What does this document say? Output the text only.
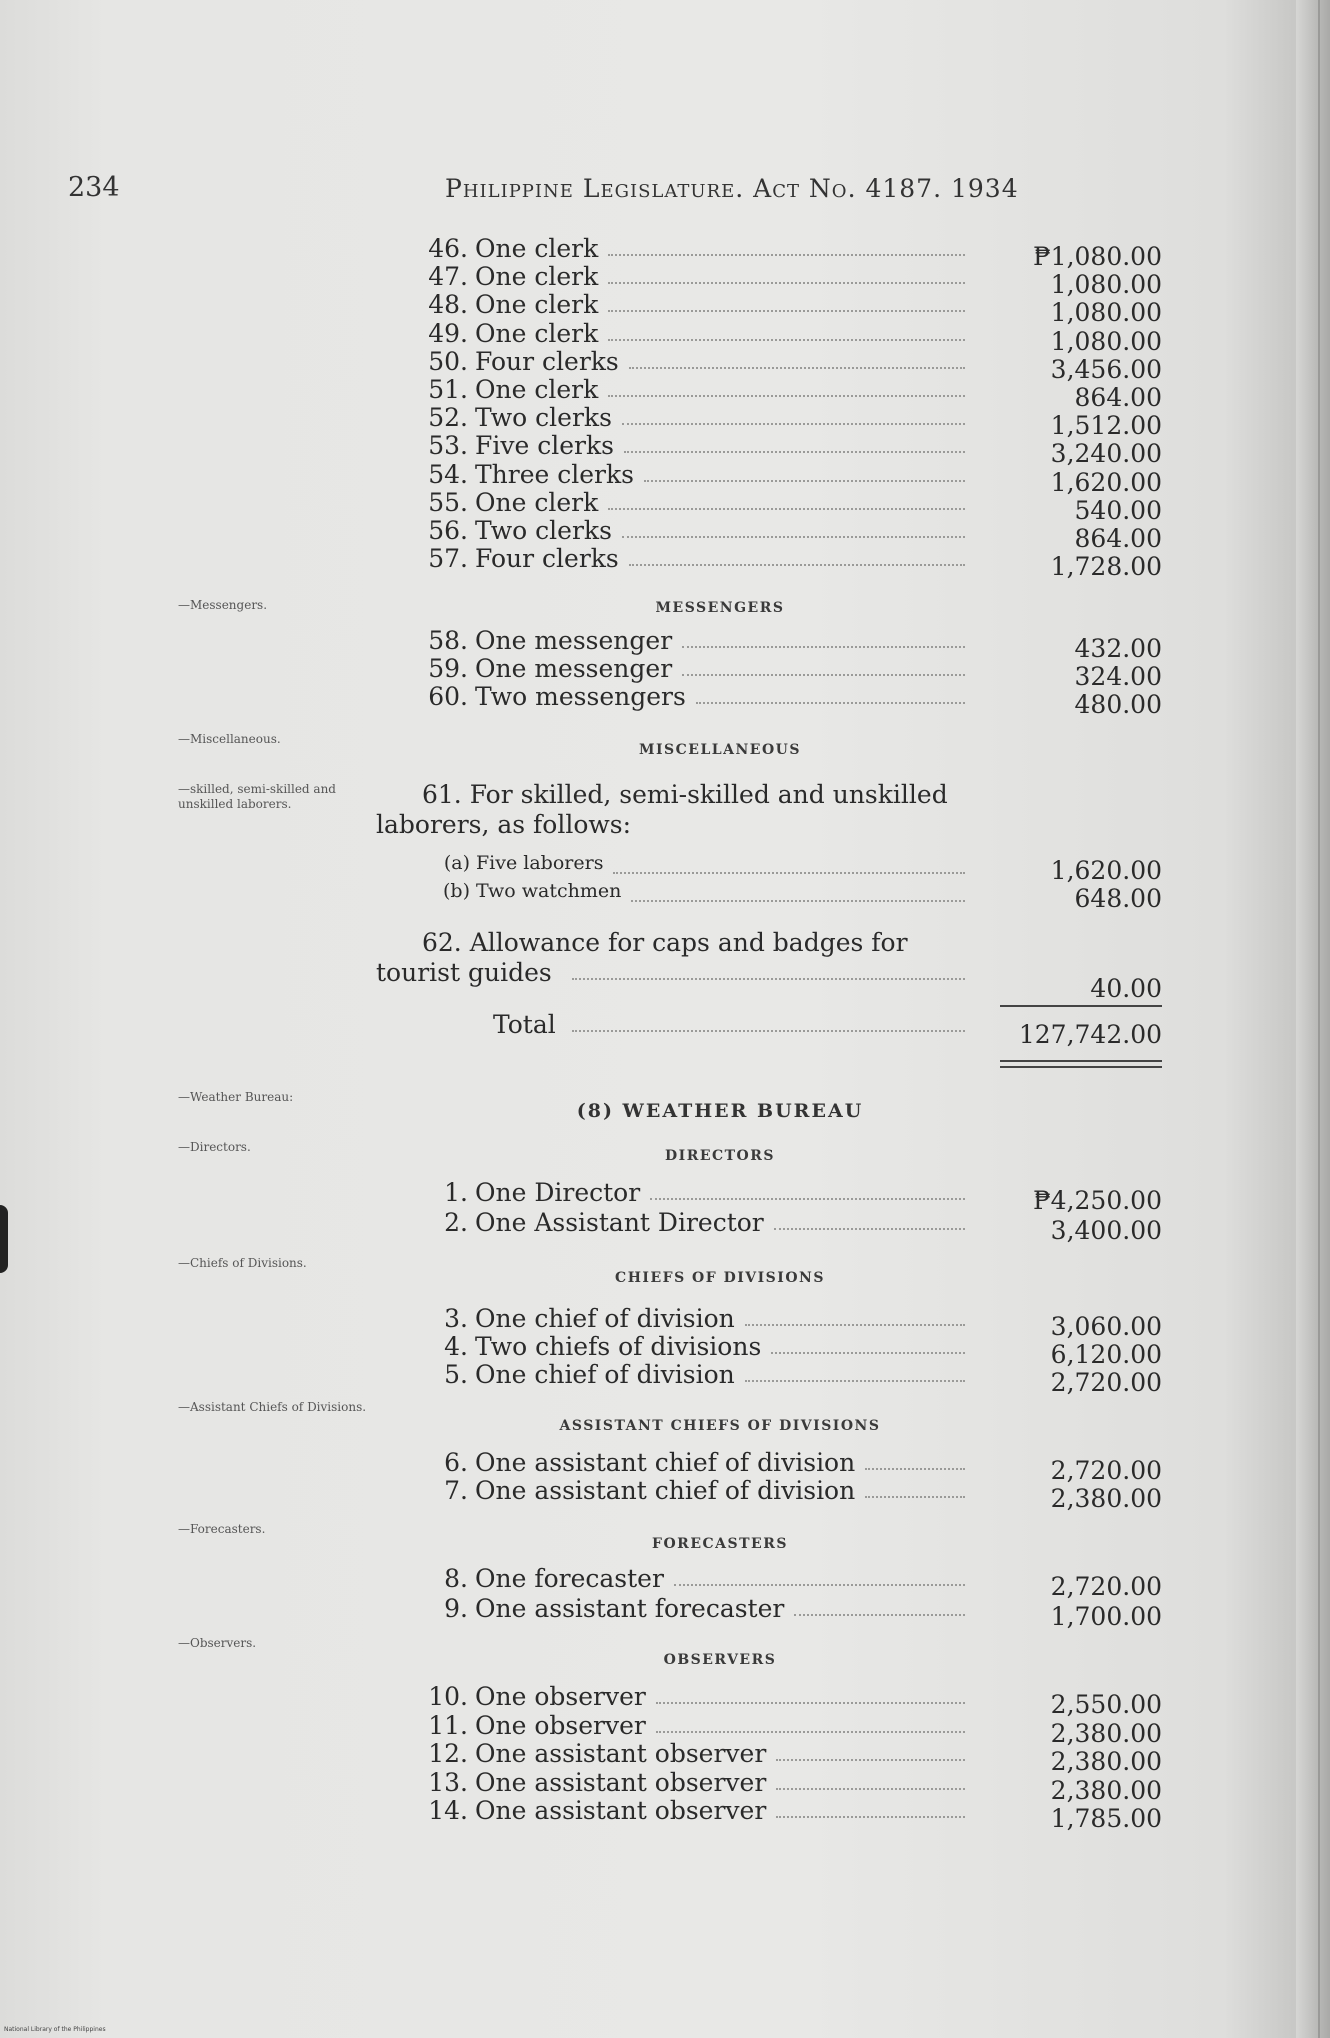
234	Philippine Legislature. Act No. 4187. 1934
46. One clerk	₱1,080.00
47. One clerk	1,080.00
48. One clerk	1,080.00
49. One clerk	1,080.00
50. Four clerks	3,456.00
51. One clerk	864.00
52. Two clerks	1,512.00
53. Five clerks	3,240.00
54. Three clerks	1,620.00
55. One clerk	540.00
56. Two clerks	864.00
57. Four clerks	1,728.00
—Messengers.	MESSENGERS
58. One messenger	432.00
59. One messenger	324.00
60. Two messengers	480.00
—Miscellaneous.
MISCELLANEOUS
—skilled, semi-skilled and unskilled laborers.	61. For skilled, semi-skilled and unskilled
laborers, as follows:
(a) Five laborers	1,620.00
(b) Two watchmen	648.00
62. Allowance for caps and badges for
tourist guides
40.00
Total	127,742.00
—Weather Bureau:
(8) WEATHER BUREAU
—Directors.
DIRECTORS
1. One Director	₱4,250.00
2. One Assistant Director	3,400.00
—Chiefs of Divisions.
CHIEFS OF DIVISIONS
3. One chief of division	3,060.00
4. Two chiefs of divisions	6,120.00
5. One chief of division	2,720.00
—Assistant Chiefs of Divisions.
ASSISTANT CHIEFS OF DIVISIONS
6. One assistant chief of division	2,720.00
7. One assistant chief of division	2,380.00
—Forecasters.
FORECASTERS
8. One forecaster	2,720.00
9. One assistant forecaster	1,700.00
—Observers.
OBSERVERS
10. One observer	2,550.00
11. One observer	2,380.00
12. One assistant observer	2,380.00
13. One assistant observer	2,380.00
14. One assistant observer	1,785.00
National Library of the Philippines
